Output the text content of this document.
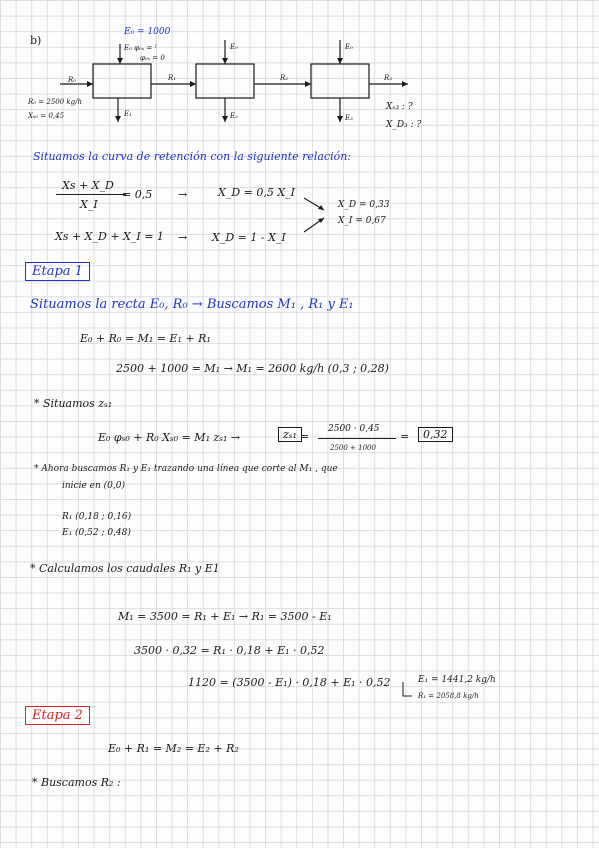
b)
E₀ = 1000
E₀ φ₀ₛ = ¹
φ₀ₛ = 0
E₀	E₀
R₀	R₁	R₂	R₃
E₁	E₂	E₃
R₀ = 2500 kg/h
Xₛ₀ = 0,45
Xₛ₃ : ?
X_D₃ : ?
Situamos la curva de retención con la siguiente relación:
Xs + X_D
X_I
= 0,5 →	X_D = 0,5 X_I
Xs + X_D + X_I = 1 → X_D = 1 - X_I
X_D = 0,33
X_I = 0,67
Etapa 1
Situamos la recta E₀, R₀ → Buscamos M₁ , R₁ y E₁
E₀ + R₀ = M₁ = E₁ + R₁
2500 + 1000 = M₁ → M₁ = 2600 kg/h (0,3 ; 0,28)
* Situamos zₛ₁
E₀ φₛ₀ + R₀ Xₛ₀ = M₁ zₛ₁ →	zₛ₁ =
2500 · 0,45
2500 + 1000
=	0,32
* Ahora buscamos R₁ y E₁ trazando una línea que corte al M₁ , que
inicie en (0,0)
R₁ (0,18 ; 0,16)
E₁ (0,52 ; 0,48)
* Calculamos los caudales R₁ y E1
M₁ = 3500 = R₁ + E₁ → R₁ = 3500 - E₁
3500 · 0,32 = R₁ · 0,18 + E₁ · 0,52
1120 = (3500 - E₁) · 0,18 + E₁ · 0,52	E₁ = 1441,2 kg/h
R₁ = 2058,8 kg/h
Etapa 2
E₀ + R₁ = M₂ = E₂ + R₂
* Buscamos R₂ :
